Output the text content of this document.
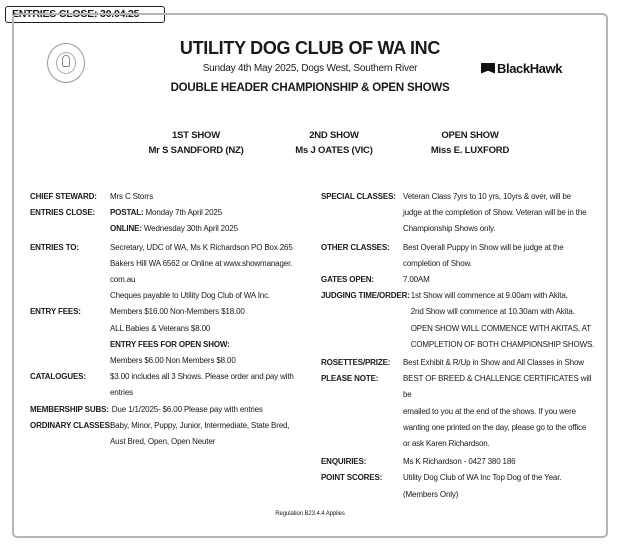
ENTRIES CLOSE: 30.04.25
UTILITY DOG CLUB OF WA INC
Sunday 4th May 2025, Dogs West, Southern River
DOUBLE HEADER CHAMPIONSHIP & OPEN SHOWS
BlackHawk
1ST SHOW
Mr S SANDFORD (NZ)
2ND SHOW
Ms J OATES (VIC)
OPEN SHOW
Miss E. LUXFORD
CHIEF STEWARD:	Mrs C Storrs
ENTRIES CLOSE:	POSTAL: Monday 7th April 2025
ONLINE: Wednesday 30th April 2025
ENTRIES TO:	Secretary, UDC of WA, Ms K Richardson PO Box 265
Bakers Hill WA 6562 or Online at www.showmanager.
com.au
Cheques payable to Utility Dog Club of WA Inc.
ENTRY FEES:	Members $16.00 Non-Members $18.00
ALL Babies & Veterans $8.00
ENTRY FEES FOR OPEN SHOW:
Members $6.00 Non Members $8.00
CATALOGUES:	$3.00 includes all 3 Shows. Please order and pay with
entries
MEMBERSHIP SUBS: Due 1/1/2025- $6.00 Please pay with entries
ORDINARY CLASSES:
Baby, Minor, Puppy, Junior, Intermediate, State Bred,
Aust Bred, Open, Open Neuter
SPECIAL CLASSES: Veteran Class 7yrs to 10 yrs, 10yrs & over, will be
judge at the completion of Show. Veteran will be in the
Championship Shows only.
OTHER CLASSES:	Best Overall Puppy in Show will be judge at the
completion of Show.
GATES OPEN:	7.00AM
JUDGING TIME/ORDER: 1st Show will commence at 9.00am with Akita,
2nd Show will commence at 10.30am with Akita.
OPEN SHOW WILL COMMENCE WITH AKITAS, AT
COMPLETION OF BOTH CHAMPIONSHIP SHOWS.
ROSETTES/PRIZE:	Best Exhibit & R/Up in Show and All Classes in Show
PLEASE NOTE:	BEST OF BREED & CHALLENGE CERTIFICATES will be
emailed to you at the end of the shows. If you were
wanting one printed on the day, please go to the office
or ask Karen Richardson.
ENQUIRIES:	Ms K Richardson - 0427 380 186
POINT SCORES:	Utility Dog Club of WA Inc Top Dog of the Year.
(Members Only)
Regulation B23.4.4 Applies
